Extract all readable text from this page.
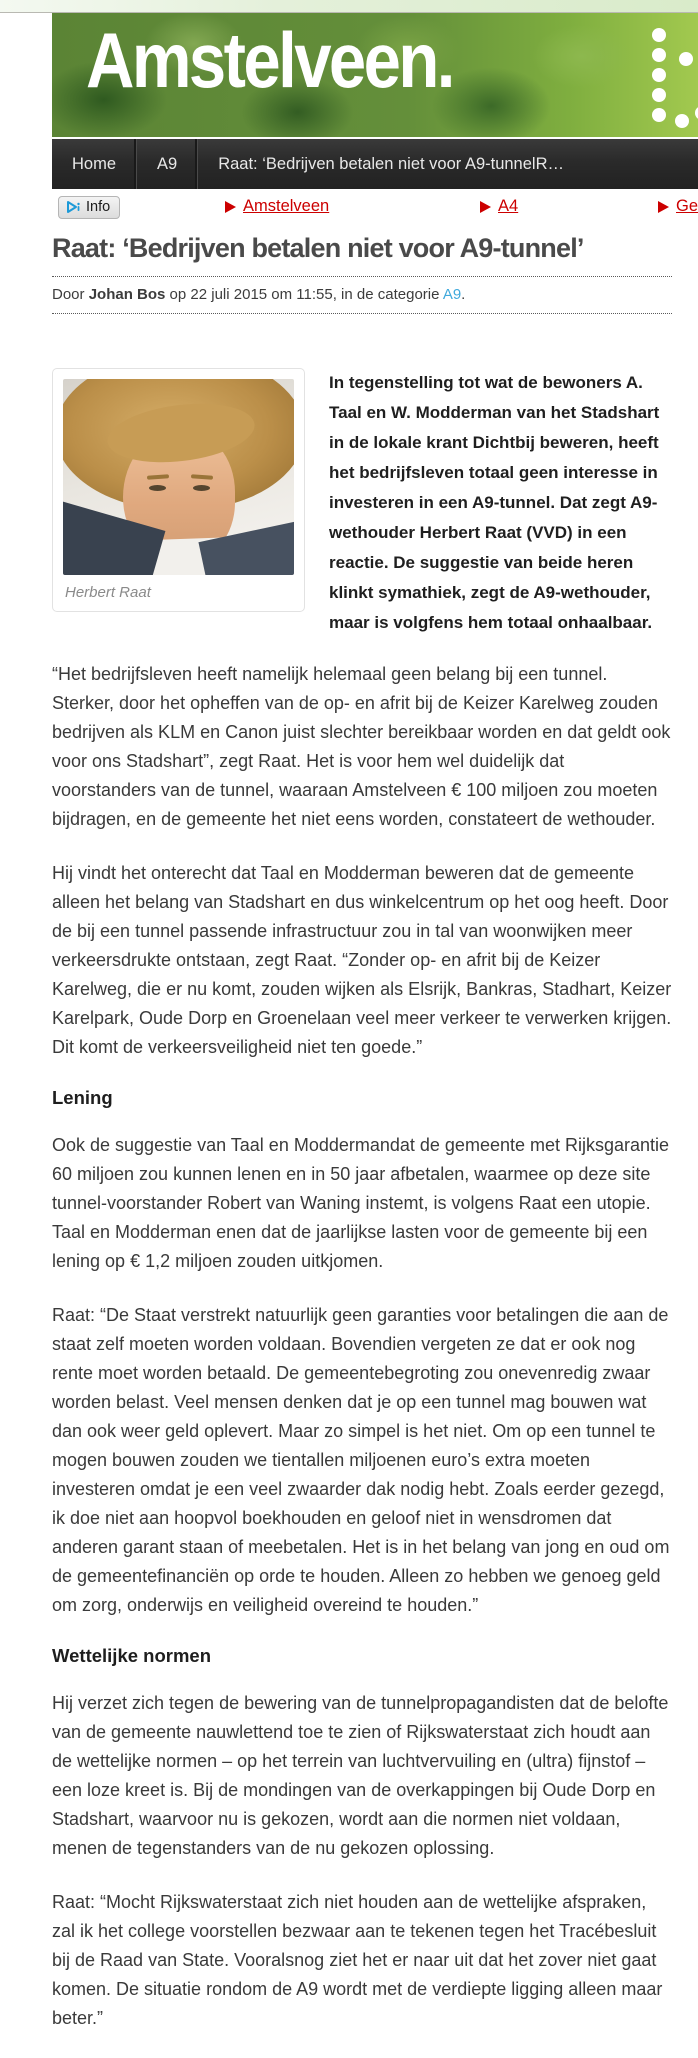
Amstelveen.
Home	A9	Raat: ‘Bedrijven betalen niet voor A9-tunnelR…
Info	Amstelveen	A4	Ge
Raat: ‘Bedrijven betalen niet voor A9-tunnel’
Door Johan Bos op 22 juli 2015 om 11:55, in de categorie A9.
Herbert Raat

In tegenstelling tot wat de bewoners A. Taal en W. Modderman van het Stadshart in de lokale krant Dichtbij beweren, heeft het bedrijfsleven totaal geen interesse in investeren in een A9-tunnel. Dat zegt A9-wethouder Herbert Raat (VVD) in een reactie. De suggestie van beide heren klinkt symathiek, zegt de A9-wethouder, maar is volgfens hem totaal onhaalbaar.

“Het bedrijfsleven heeft namelijk helemaal geen belang bij een tunnel. Sterker, door het opheffen van de op- en afrit bij de Keizer Karelweg zouden bedrijven als KLM en Canon juist slechter bereikbaar worden en dat geldt ook voor ons Stadshart”, zegt Raat. Het is voor hem wel duidelijk dat voorstanders van de tunnel, waaraan Amstelveen € 100 miljoen zou moeten bijdragen, en de gemeente het niet eens worden, constateert de wethouder.

Hij vindt het onterecht dat Taal en Modderman beweren dat de gemeente alleen het belang van Stadshart en dus winkelcentrum op het oog heeft. Door de bij een tunnel passende infrastructuur zou in tal van woonwijken meer verkeersdrukte ontstaan, zegt Raat. “Zonder op- en afrit bij de Keizer Karelweg, die er nu komt, zouden wijken als Elsrijk, Bankras, Stadhart, Keizer Karelpark, Oude Dorp en Groenelaan veel meer verkeer te verwerken krijgen. Dit komt de verkeersveiligheid niet ten goede.”

Lening

Ook de suggestie van Taal en Moddermandat de gemeente met Rijksgarantie 60 miljoen zou kunnen lenen en in 50 jaar afbetalen, waarmee op deze site tunnel-voorstander Robert van Waning instemt, is volgens Raat een utopie. Taal en Modderman enen dat de jaarlijkse lasten voor de gemeente bij een lening op € 1,2 miljoen zouden uitkjomen.

Raat: “De Staat verstrekt natuurlijk geen garanties voor betalingen die aan de staat zelf moeten worden voldaan. Bovendien vergeten ze dat er ook nog rente moet worden betaald. De gemeentebegroting zou onevenredig zwaar worden belast. Veel mensen denken dat je op een tunnel mag bouwen wat dan ook weer geld oplevert. Maar zo simpel is het niet. Om op een tunnel te mogen bouwen zouden we tientallen miljoenen euro’s extra moeten investeren omdat je een veel zwaarder dak nodig hebt. Zoals eerder gezegd, ik doe niet aan hoopvol boekhouden en geloof niet in wensdromen dat anderen garant staan of meebetalen. Het is in het belang van jong en oud om de gemeentefinanciën op orde te houden. Alleen zo hebben we genoeg geld om zorg, onderwijs en veiligheid overeind te houden.”

Wettelijke normen

Hij verzet zich tegen de bewering van de tunnelpropagandisten dat de belofte van de gemeente nauwlettend toe te zien of Rijkswaterstaat zich houdt aan de wettelijke normen – op het terrein van luchtvervuiling en (ultra) fijnstof – een loze kreet is. Bij de mondingen van de overkappingen bij Oude Dorp en Stadshart, waarvoor nu is gekozen, wordt aan die normen niet voldaan, menen de tegenstanders van de nu gekozen oplossing.

Raat: “Mocht Rijkswaterstaat zich niet houden aan de wettelijke afspraken, zal ik het college voorstellen bezwaar aan te tekenen tegen het Tracébesluit bij de Raad van State. Vooralsnog ziet het er naar uit dat het zover niet gaat komen. De situatie rondom de A9 wordt met de verdiepte ligging alleen maar beter.”
